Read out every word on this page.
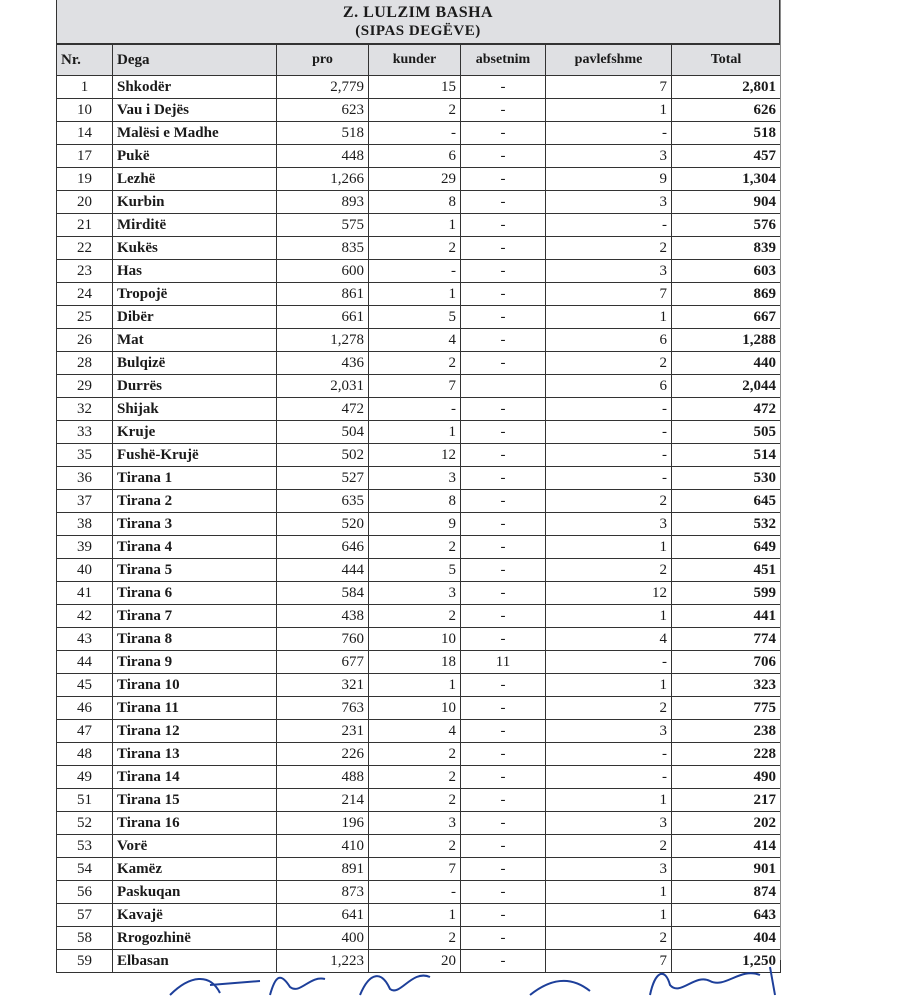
Z. LULZIM BASHA
(SIPAS DEGËVE)
Nr.	Dega	pro	kunder	absetnim	pavlefshme	Total
1	Shkodër	2,779	15	-	7	2,801
10	Vau i Dejës	623	2	-	1	626
14	Malësi e Madhe	518	-	-	-	518
17	Pukë	448	6	-	3	457
19	Lezhë	1,266	29	-	9	1,304
20	Kurbin	893	8	-	3	904
21	Mirditë	575	1	-	-	576
22	Kukës	835	2	-	2	839
23	Has	600	-	-	3	603
24	Tropojë	861	1	-	7	869
25	Dibër	661	5	-	1	667
26	Mat	1,278	4	-	6	1,288
28	Bulqizë	436	2	-	2	440
29	Durrës	2,031	7		6	2,044
32	Shijak	472	-	-	-	472
33	Kruje	504	1	-	-	505
35	Fushë-Krujë	502	12	-	-	514
36	Tirana 1	527	3	-	-	530
37	Tirana 2	635	8	-	2	645
38	Tirana 3	520	9	-	3	532
39	Tirana 4	646	2	-	1	649
40	Tirana 5	444	5	-	2	451
41	Tirana 6	584	3	-	12	599
42	Tirana 7	438	2	-	1	441
43	Tirana 8	760	10	-	4	774
44	Tirana 9	677	18	11	-	706
45	Tirana 10	321	1	-	1	323
46	Tirana 11	763	10	-	2	775
47	Tirana 12	231	4	-	3	238
48	Tirana 13	226	2	-	-	228
49	Tirana 14	488	2	-	-	490
51	Tirana 15	214	2	-	1	217
52	Tirana 16	196	3	-	3	202
53	Vorë	410	2	-	2	414
54	Kamëz	891	7	-	3	901
56	Paskuqan	873	-	-	1	874
57	Kavajë	641	1	-	1	643
58	Rrogozhinë	400	2	-	2	404
59	Elbasan	1,223	20	-	7	1,250
